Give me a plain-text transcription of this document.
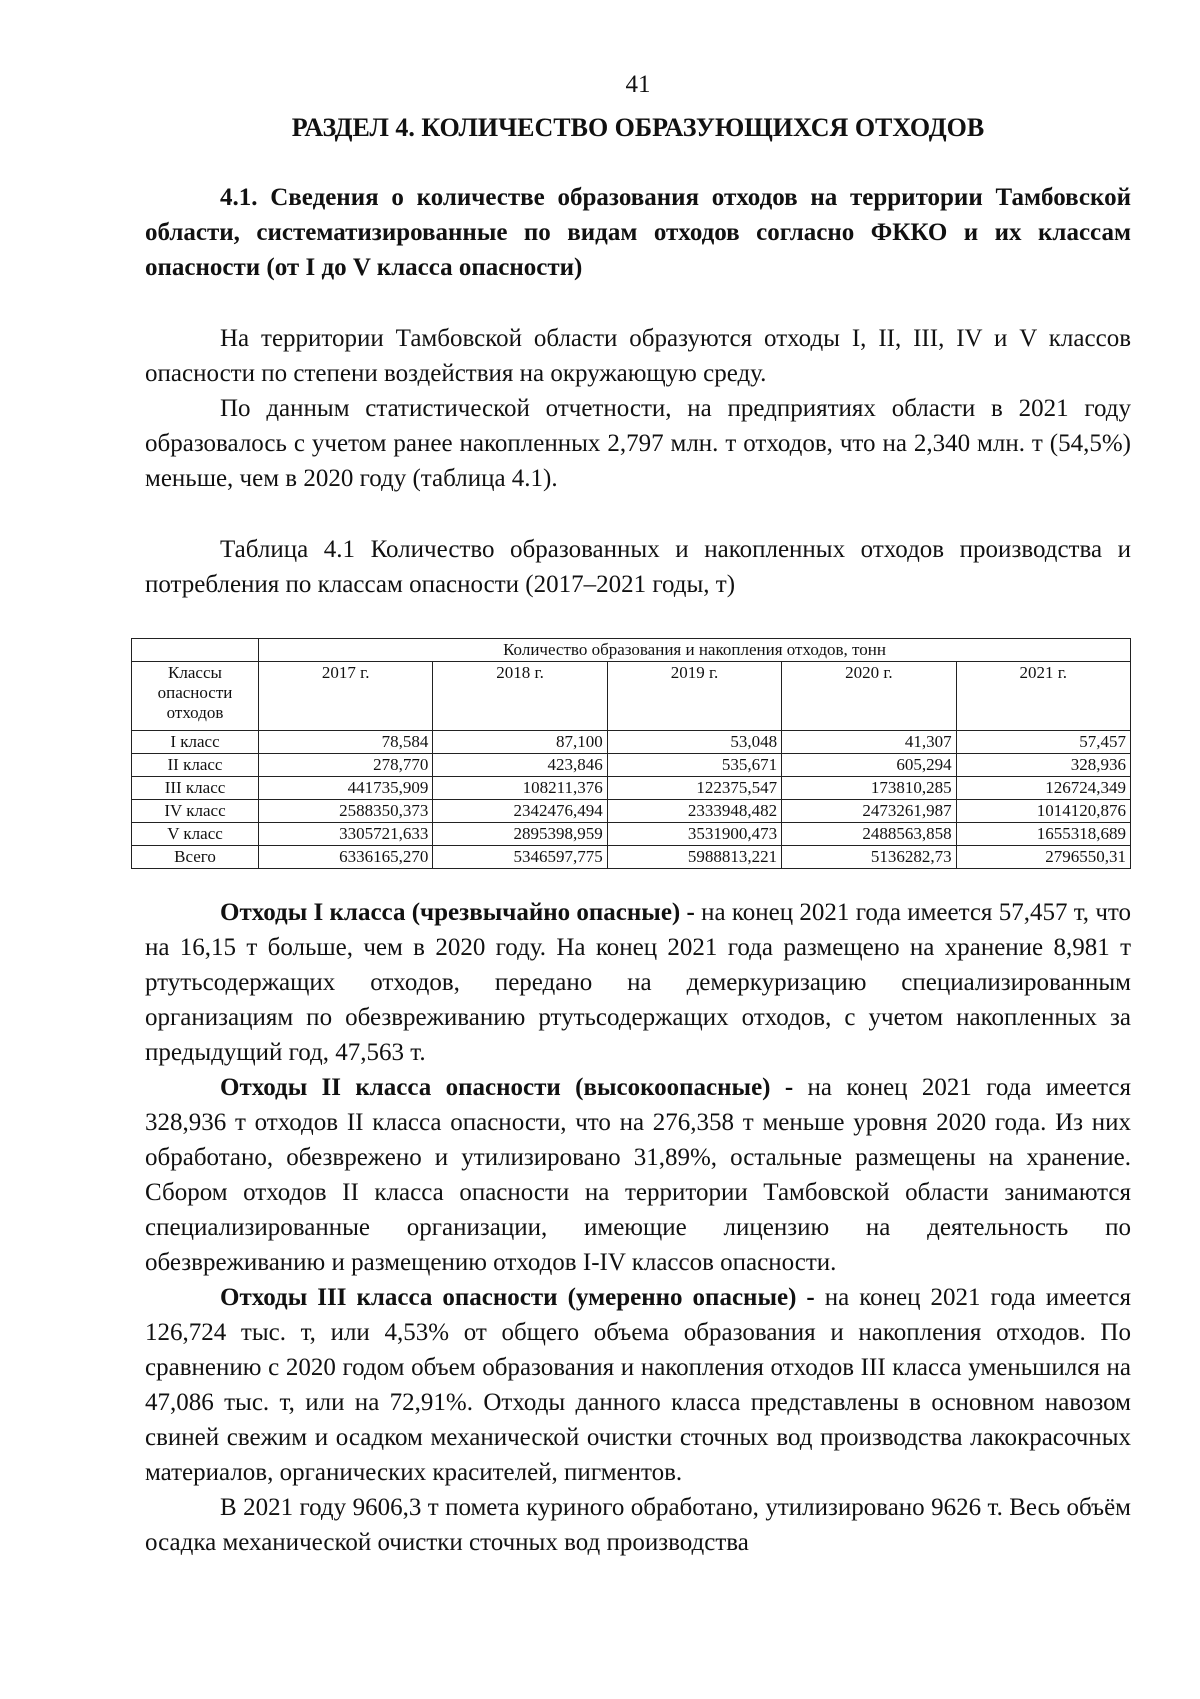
41
РАЗДЕЛ 4. КОЛИЧЕСТВО ОБРАЗУЮЩИХСЯ ОТХОДОВ
4.1. Сведения о количестве образования отходов на территории Тамбовской области, систематизированные по видам отходов согласно ФККО и их классам опасности (от I до V класса опасности)

На территории Тамбовской области образуются отходы I, II, III, IV и V классов опасности по степени воздействия на окружающую среду.

По данным статистической отчетности, на предприятиях области в 2021 году образовалось с учетом ранее накопленных 2,797 млн. т отходов, что на 2,340 млн. т (54,5%) меньше, чем в 2020 году (таблица 4.1).

Таблица 4.1 Количество образованных и накопленных отходов производства и потребления по классам опасности (2017–2021 годы, т)
	Количество образования и накопления отходов, тонн				
Классы опасности отходов	2017 г.	2018 г.	2019 г.	2020 г.	2021 г.
I класс	78,584	87,100	53,048	41,307	57,457
II класс	278,770	423,846	535,671	605,294	328,936
III класс	441735,909	108211,376	122375,547	173810,285	126724,349
IV класс	2588350,373	2342476,494	2333948,482	2473261,987	1014120,876
V класс	3305721,633	2895398,959	3531900,473	2488563,858	1655318,689
Всего	6336165,270	5346597,775	5988813,221	5136282,73	2796550,31

Отходы I класса (чрезвычайно опасные) - на конец 2021 года имеется 57,457 т, что на 16,15 т больше, чем в 2020 году. На конец 2021 года размещено на хранение 8,981 т ртутьсодержащих отходов, передано на демеркуризацию специализированным организациям по обезвреживанию ртутьсодержащих отходов, с учетом накопленных за предыдущий год, 47,563 т.

Отходы II класса опасности (высокоопасные) - на конец 2021 года имеется 328,936 т отходов II класса опасности, что на 276,358 т меньше уровня 2020 года. Из них обработано, обезврежено и утилизировано 31,89%, остальные размещены на хранение. Сбором отходов II класса опасности на территории Тамбовской области занимаются специализированные организации, имеющие лицензию на деятельность по обезвреживанию и размещению отходов I-IV классов опасности.

Отходы III класса опасности (умеренно опасные) - на конец 2021 года имеется 126,724 тыс. т, или 4,53% от общего объема образования и накопления отходов. По сравнению с 2020 годом объем образования и накопления отходов III класса уменьшился на 47,086 тыс. т, или на 72,91%. Отходы данного класса представлены в основном навозом свиней свежим и осадком механической очистки сточных вод производства лакокрасочных материалов, органических красителей, пигментов.

В 2021 году 9606,3 т помета куриного обработано, утилизировано 9626 т. Весь объём осадка механической очистки сточных вод производства
